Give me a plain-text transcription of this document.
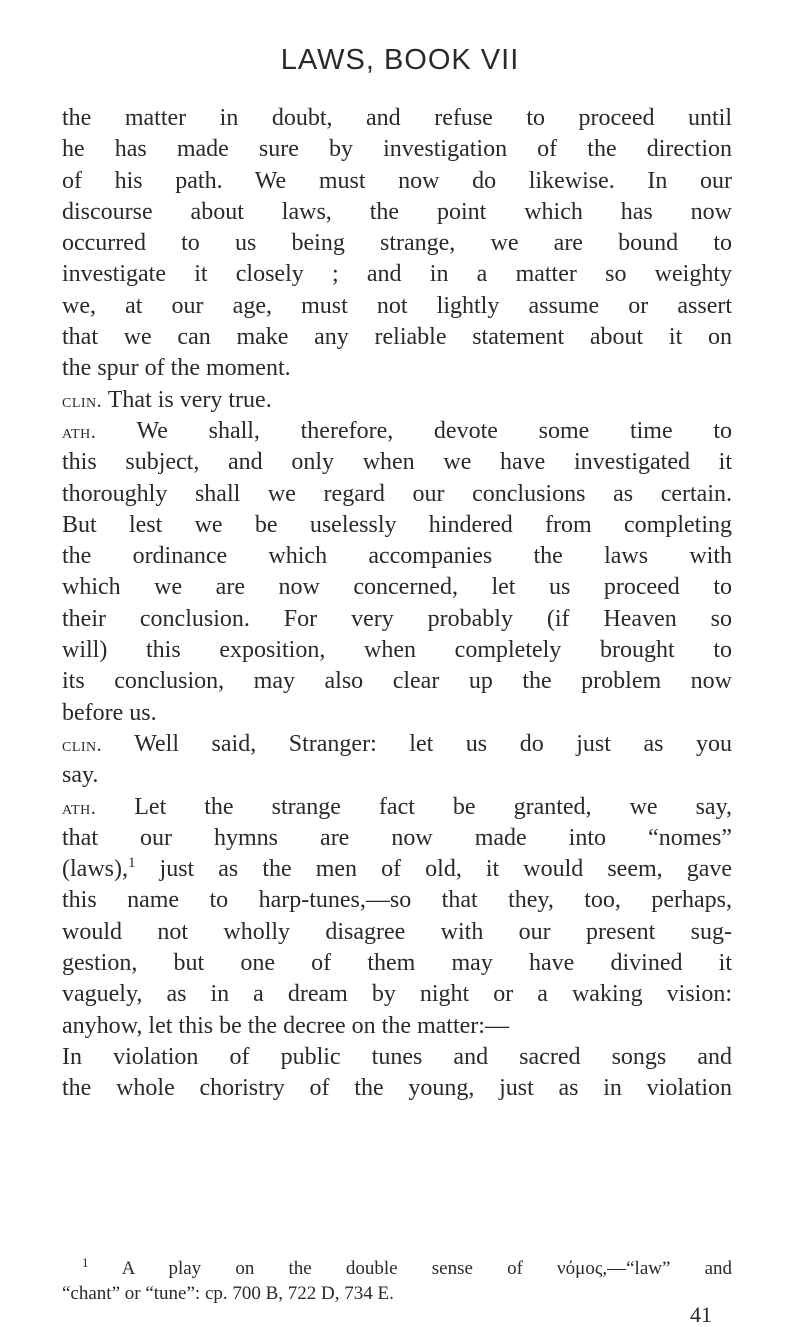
LAWS, BOOK VII
the matter in doubt, and refuse to proceed until
he has made sure by investigation of the direction
of his path. We must now do likewise. In our
discourse about laws, the point which has now
occurred to us being strange, we are bound to
investigate it closely ; and in a matter so weighty
we, at our age, must not lightly assume or assert
that we can make any reliable statement about it on
the spur of the moment.
clin. That is very true.
ath. We shall, therefore, devote some time to
this subject, and only when we have investigated it
thoroughly shall we regard our conclusions as certain.
But lest we be uselessly hindered from completing
the ordinance which accompanies the laws with
which we are now concerned, let us proceed to
their conclusion. For very probably (if Heaven so
will) this exposition, when completely brought to
its conclusion, may also clear up the problem now
before us.
clin. Well said, Stranger: let us do just as you
say.
ath. Let the strange fact be granted, we say,
that our hymns are now made into “nomes”
(laws),$^1$ just as the men of old, it would seem, gave
this name to harp-tunes,—so that they, too, perhaps,
would not wholly disagree with our present sug-
gestion, but one of them may have divined it
vaguely, as in a dream by night or a waking vision:
anyhow, let this be the decree on the matter:—
In violation of public tunes and sacred songs and
the whole choristry of the young, just as in violation
$^1$ A play on the double sense of νόμος,—“law” and
“chant” or “tune”: cp. 700 B, 722 D, 734 E.
41
